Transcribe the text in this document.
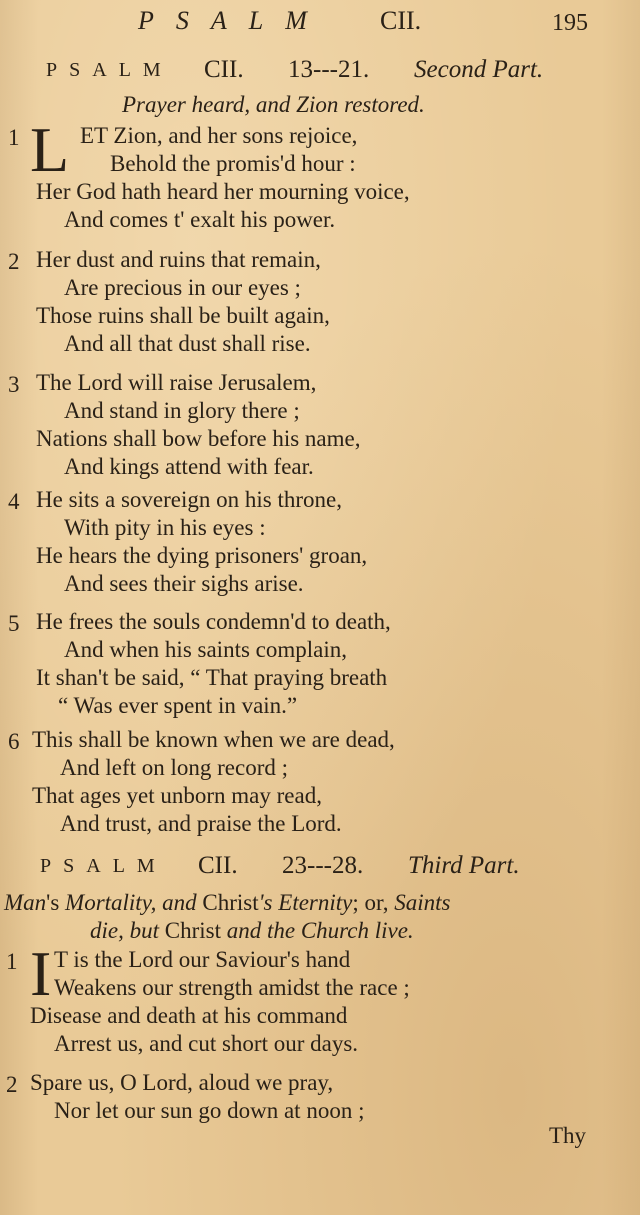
PSALM CII.	195
PSALM CII. 13---21. Second Part.
Prayer heard, and Zion restored.
1 L ET Zion, and her sons rejoice,
Behold the promis'd hour :
Her God hath heard her mourning voice,
And comes t' exalt his power.
2 Her dust and ruins that remain,
Are precious in our eyes ;
Those ruins shall be built again,
And all that dust shall rise.
3 The Lord will raise Jerusalem,
And stand in glory there ;
Nations shall bow before his name,
And kings attend with fear.
4 He sits a sovereign on his throne,
With pity in his eyes :
He hears the dying prisoners' groan,
And sees their sighs arise.
5 He frees the souls condemn'd to death,
And when his saints complain,
It shan't be said, “ That praying breath
“ Was ever spent in vain.”
6 This shall be known when we are dead,
And left on long record ;
That ages yet unborn may read,
And trust, and praise the Lord.
PSALM CII. 23---28. Third Part.
Man's Mortality, and Christ's Eternity; or, Saints
die, but Christ and the Church live.
1 I T is the Lord our Saviour's hand
Weakens our strength amidst the race ;
Disease and death at his command
Arrest us, and cut short our days.
2 Spare us, O Lord, aloud we pray,
Nor let our sun go down at noon ;
Thy
